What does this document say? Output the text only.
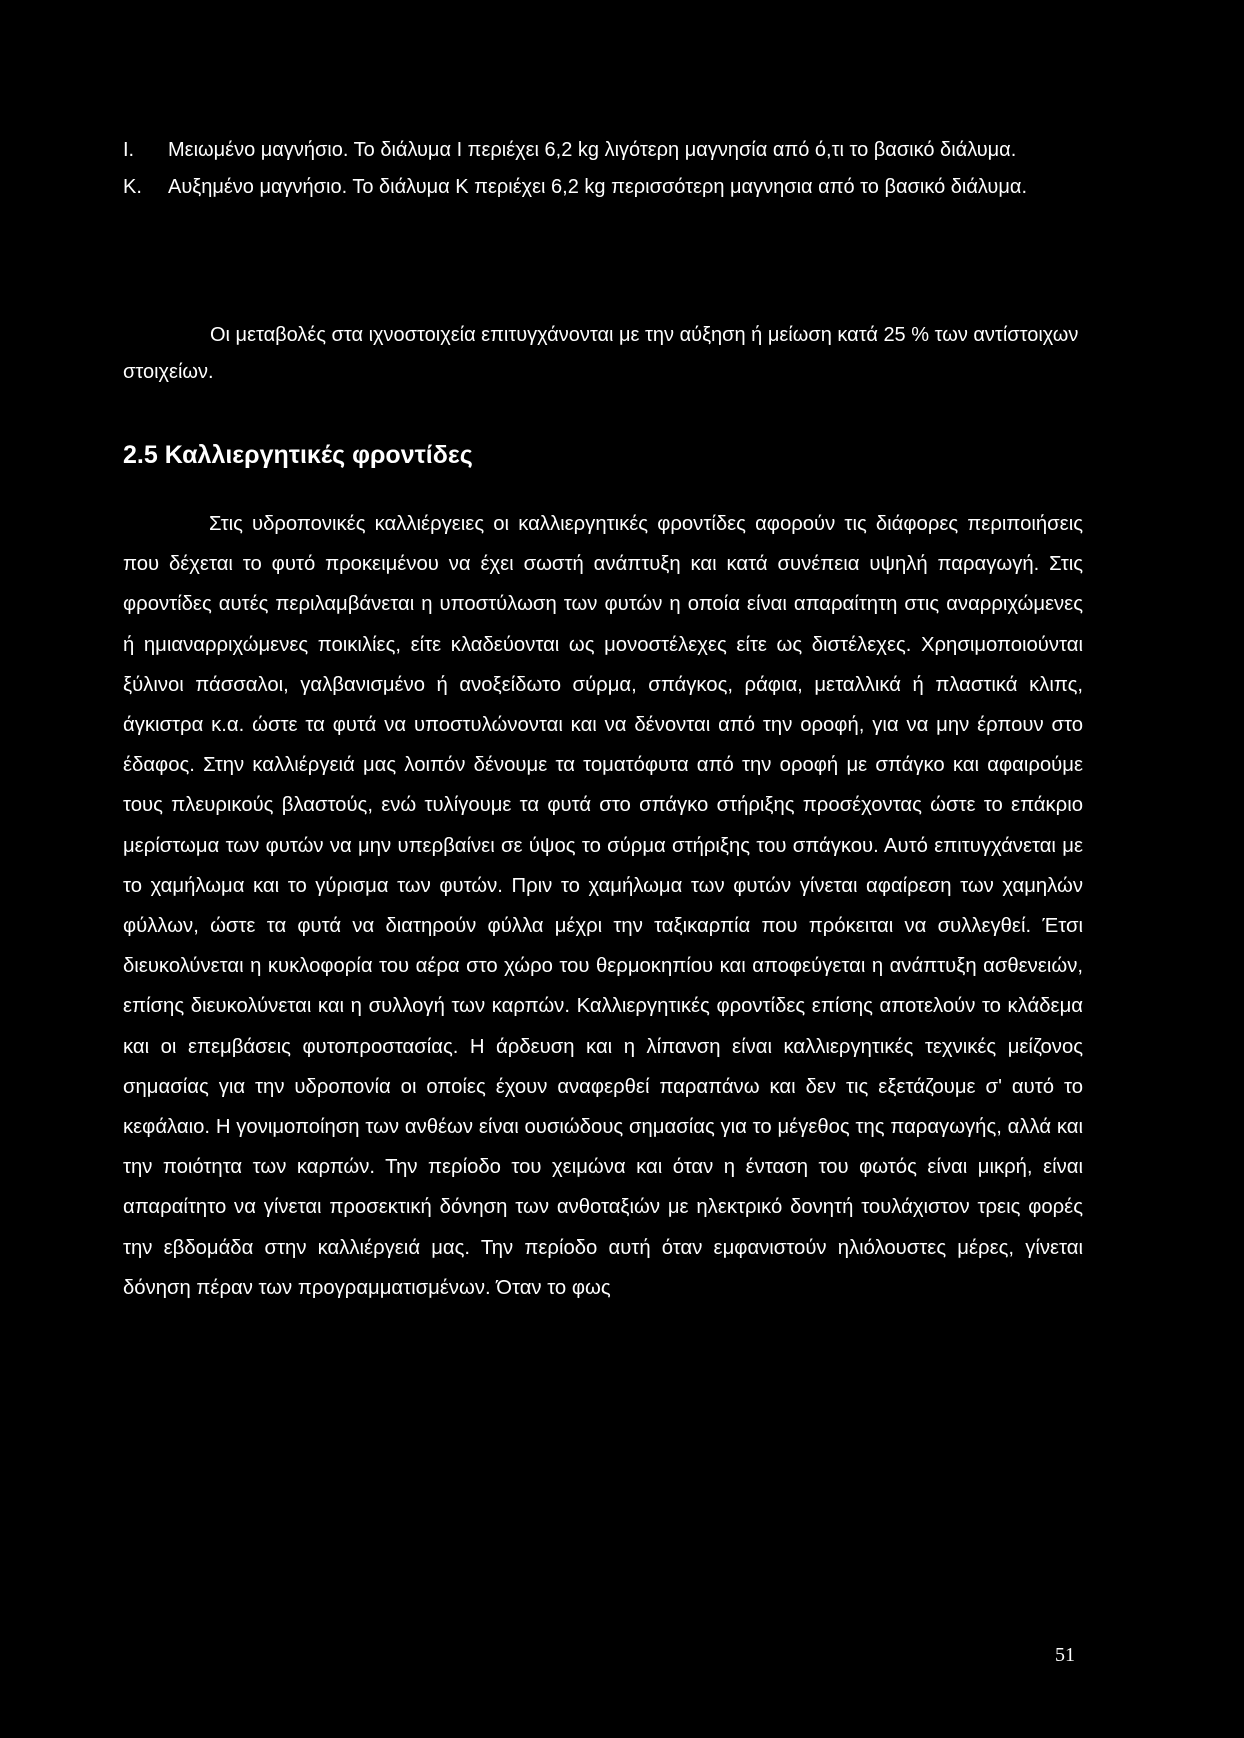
I.	Μειωμένο μαγνήσιο. Το διάλυμα I περιέχει 6,2 kg λιγότερη μαγνησία από ό,τι το βασικό διάλυμα.
K.	Αυξημένο μαγνήσιο. Το διάλυμα K περιέχει 6,2 kg περισσότερη μαγνησια από το βασικό διάλυμα.

Οι μεταβολές στα ιχνοστοιχεία επιτυγχάνονται με την αύξηση ή μείωση κατά 25 % των αντίστοιχων στοιχείων.

2.5 Καλλιεργητικές φροντίδες

Στις υδροπονικές καλλιέργειες οι καλλιεργητικές φροντίδες αφορούν τις διάφορες περιποιήσεις που δέχεται το φυτό προκειμένου να έχει σωστή ανάπτυξη και κατά συνέπεια υψηλή παραγωγή. Στις φροντίδες αυτές περιλαμβάνεται η υποστύλωση των φυτών η οποία είναι απαραίτητη στις αναρριχώμενες ή ημιαναρριχώμενες ποικιλίες, είτε κλαδεύονται ως μονοστέλεχες είτε ως διστέλεχες. Χρησιμοποιούνται ξύλινοι πάσσαλοι, γαλβανισμένο ή ανοξείδωτο σύρμα, σπάγκος, ράφια, μεταλλικά ή πλαστικά κλιπς, άγκιστρα κ.α. ώστε τα φυτά να υποστυλώνονται και να δένονται από την οροφή, για να μην έρπουν στο έδαφος. Στην καλλιέργειά μας λοιπόν δένουμε τα τοματόφυτα από την οροφή με σπάγκο και αφαιρούμε τους πλευρικούς βλαστούς, ενώ τυλίγουμε τα φυτά στο σπάγκο στήριξης προσέχοντας ώστε το επάκριο μερίστωμα των φυτών να μην υπερβαίνει σε ύψος το σύρμα στήριξης του σπάγκου. Αυτό επιτυγχάνεται με το χαμήλωμα και το γύρισμα των φυτών. Πριν το χαμήλωμα των φυτών γίνεται αφαίρεση των χαμηλών φύλλων, ώστε τα φυτά να διατηρούν φύλλα μέχρι την ταξικαρπία που πρόκειται να συλλεγθεί. Έτσι διευκολύνεται η κυκλοφορία του αέρα στο χώρο του θερμοκηπίου και αποφεύγεται η ανάπτυξη ασθενειών, επίσης διευκολύνεται και η συλλογή των καρπών. Καλλιεργητικές φροντίδες επίσης αποτελούν το κλάδεμα και οι επεμβάσεις φυτοπροστασίας. Η άρδευση και η λίπανση είναι καλλιεργητικές τεχνικές μείζονος σημασίας για την υδροπονία οι οποίες έχουν αναφερθεί παραπάνω και δεν τις εξετάζουμε σ' αυτό το κεφάλαιο. Η γονιμοποίηση των ανθέων είναι ουσιώδους σημασίας για το μέγεθος της παραγωγής, αλλά και την ποιότητα των καρπών. Την περίοδο του χειμώνα και όταν η ένταση του φωτός είναι μικρή, είναι απαραίτητο να γίνεται προσεκτική δόνηση των ανθοταξιών με ηλεκτρικό δονητή τουλάχιστον τρεις φορές την εβδομάδα στην καλλιέργειά μας. Την περίοδο αυτή όταν εμφανιστούν ηλιόλουστες μέρες, γίνεται δόνηση πέραν των προγραμματισμένων. Όταν το φως

51
